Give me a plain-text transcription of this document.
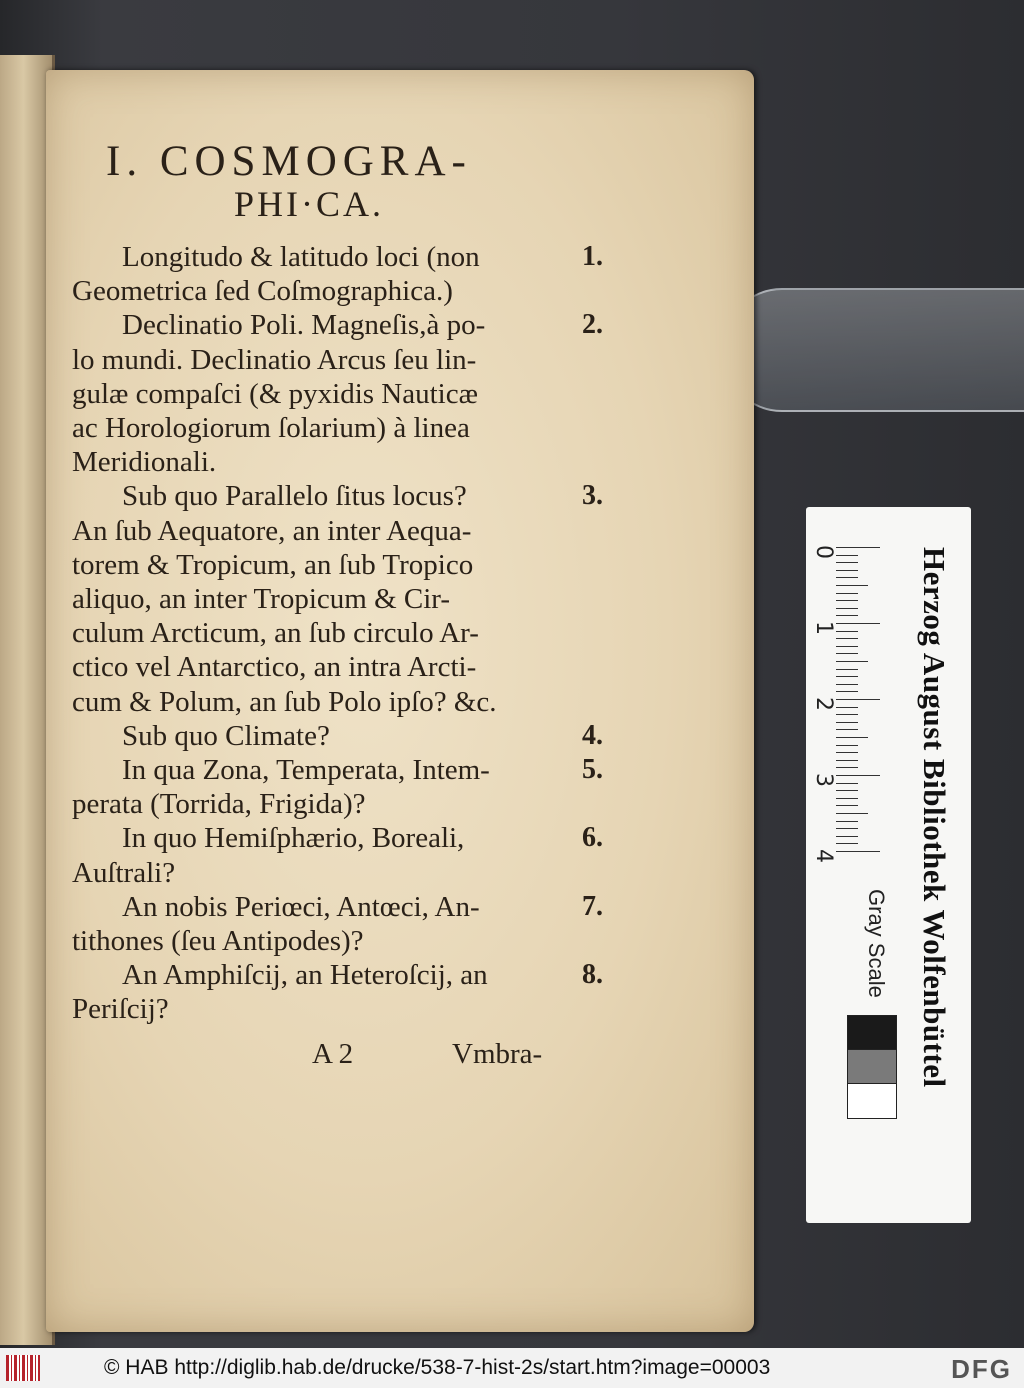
I. COSMOGRA-
PHI·CA.
Longitudo & latitudo loci (non	1.
Geometrica ſed Coſmographica.)
Declinatio Poli. Magneſis,à po-	2.
lo mundi. Declinatio Arcus ſeu lin-
gulæ compaſci (& pyxidis Nauticæ
ac Horologiorum ſolarium) à linea
Meridionali.
Sub quo Parallelo ſitus locus?	3.
An ſub Aequatore, an inter Aequa-
torem & Tropicum, an ſub Tropico
aliquo, an inter Tropicum & Cir-
culum Arcticum, an ſub circulo Ar-
ctico vel Antarctico, an intra Arcti-
cum & Polum, an ſub Polo ipſo? &c.
Sub quo Climate?	4.
In qua Zona, Temperata, Intem-	5.
perata (Torrida, Frigida)?
In quo Hemiſphærio, Boreali,	6.
Auſtrali?
An nobis Periœci, Antœci, An-	7.
tithones (ſeu Antipodes)?
An Amphiſcij, an Heteroſcij, an	8.
Periſcij?
A 2	Vmbra-
0
1
2
3
4	Herzog August Bibliothek Wolfenbüttel
Gray Scale
© HAB http://diglib.hab.de/drucke/538-7-hist-2s/start.htm?image=00003	DFG
